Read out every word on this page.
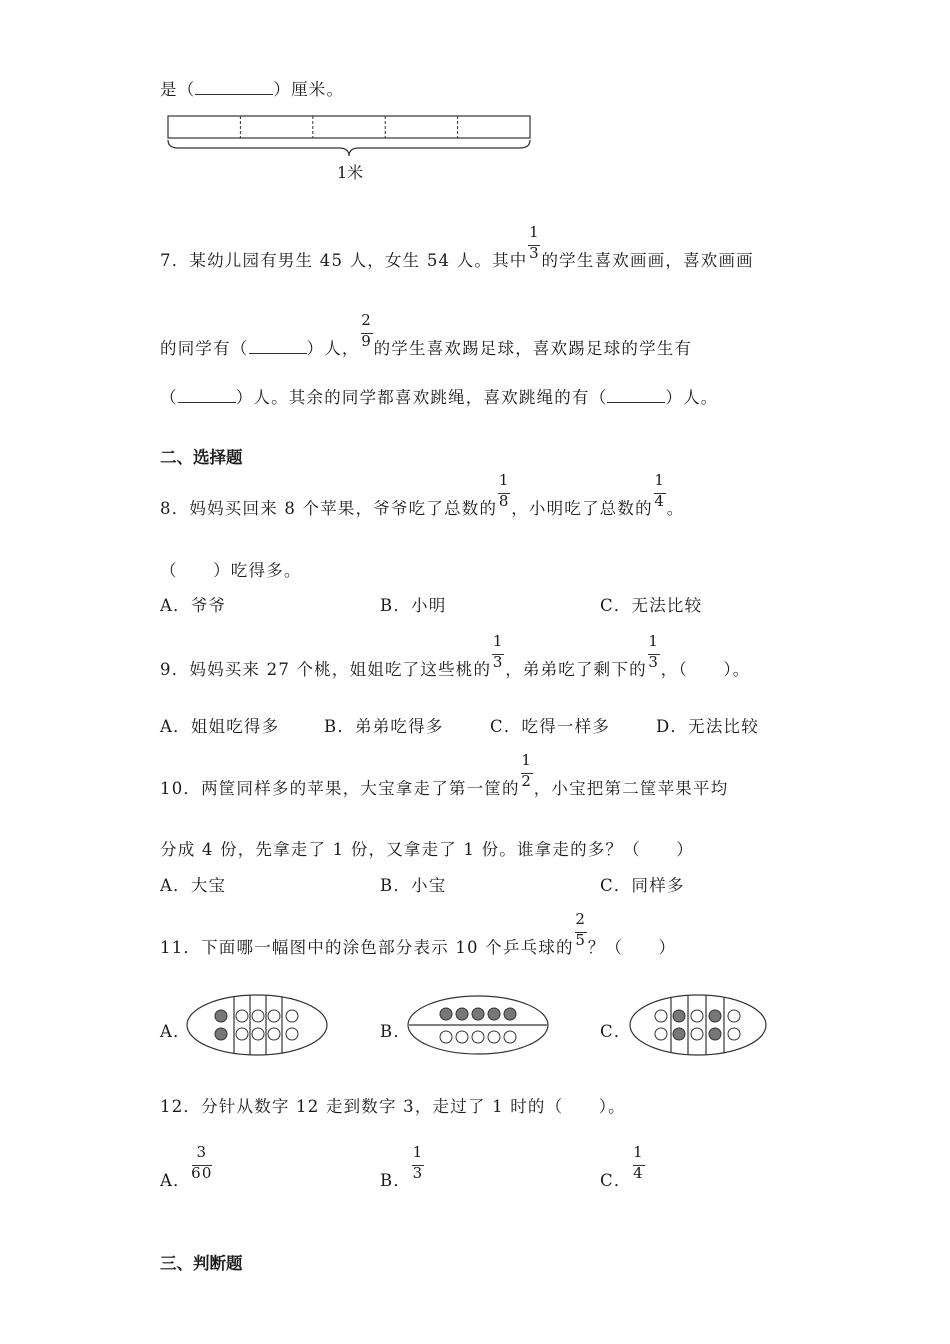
是（	）厘米。
1米
7．某幼儿园有男生 45 人，女生 54 人。其中 $\frac{1}{3}$ 的学生喜欢画画，喜欢画画
的同学有（	）人， $\frac{2}{9}$ 的学生喜欢踢足球，喜欢踢足球的学生有
（	）人。其余的同学都喜欢跳绳，喜欢跳绳的有（	）人。
二、选择题
8．妈妈买回来 8 个苹果，爷爷吃了总数的 $\frac{1}{8}$ ，小明吃了总数的 $\frac{1}{4}$ 。
（　　）吃得多。
A．爷爷	B．小明	C．无法比较
9．妈妈买来 27 个桃，姐姐吃了这些桃的 $\frac{1}{3}$ ，弟弟吃了剩下的 $\frac{1}{3}$ ，（　　）。
A．姐姐吃得多	B．弟弟吃得多	C．吃得一样多	D．无法比较
10．两筐同样多的苹果，大宝拿走了第一筐的 $\frac{1}{2}$ ，小宝把第二筐苹果平均
分成 4 份，先拿走了 1 份，又拿走了 1 份。谁拿走的多？（　　）
A．大宝	B．小宝	C．同样多
11．下面哪一幅图中的涂色部分表示 10 个乒乓球的 $\frac{2}{5}$ ？（　　）
A．	B．	C．
12．分针从数字 12 走到数字 3，走过了 1 时的（　　）。
A． $\frac{3}{60}$	B． $\frac{1}{3}$	C． $\frac{1}{4}$
三、判断题
